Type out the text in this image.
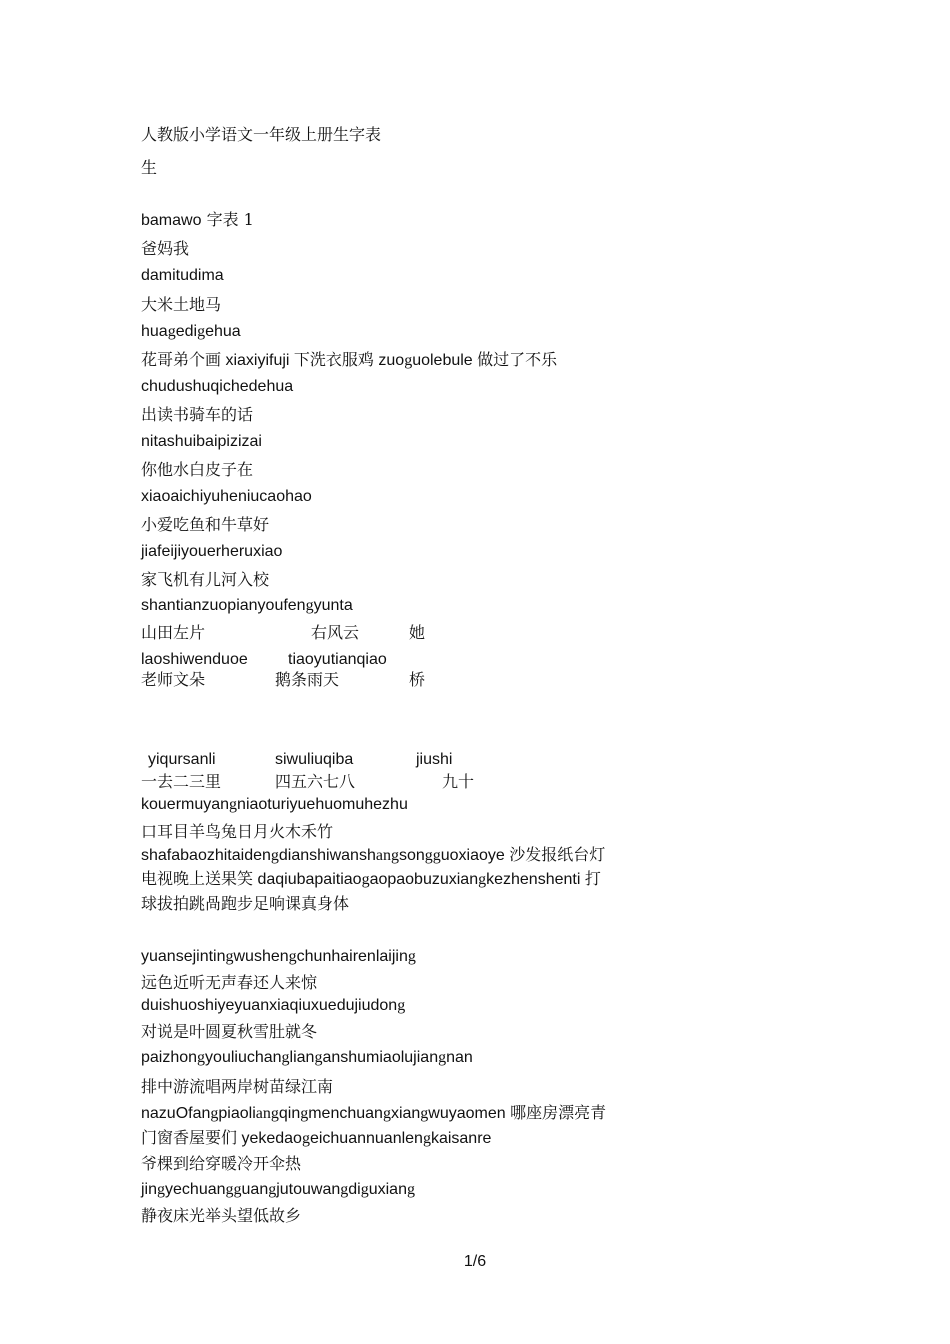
人教版小学语文一年级上册生字表
生
bamawo 字表 1
爸妈我
damitudima
大米土地马
huagedigehua
花哥弟个画 xiaxiyifuji 下洗衣服鸡 zuoguolebule 做过了不乐
chudushuqichedehua
出读书骑车的话
nitashuibaipizizai
你他水白皮子在
xiaoaichiyuheniucaohao
小爱吃鱼和牛草好
jiafeijiyouerheruxiao
家飞机有儿河入校
shantianzuopianyoufengyunta
山田左片	右风云	她
laoshiwenduoe	tiaoyutianqiao
老师文朵	鹅条雨天	桥
yiqursanli	siwuliuqiba	jiushi
一去二三里	四五六七八	九十
kouermuyangniaoturiyuehuomuhezhu
口耳目羊鸟兔日月火木禾竹
shafabaozhitaidengdianshiwanshangsongguoxiaoye 沙发报纸台灯
电视晚上送果笑 daqiubapaitiaogaopaobuzuxiangkezhenshenti 打
球拔拍跳咼跑步足响课真身体
yuansejintingwushengchunhairenlaijing
远色近听无声春还人来惊
duishuoshiyeyuanxiaqiuxuedujiudong
对说是叶圆夏秋雪肚就冬
paizhongyouliuchanglianganshumiaolujiangnan
排中游流唱两岸树苗绿江南
nazuOfangpiaoliangqingmenchuangxiangwuyaomen 哪座房漂亮青
门窗香屋要们 yekedaogeichuannuanlengkaisanre
爷棵到给穿暖冷开伞热
jingyechuangguangjutouwangdiguxiang
静夜床光举头望低故乡
1/6
